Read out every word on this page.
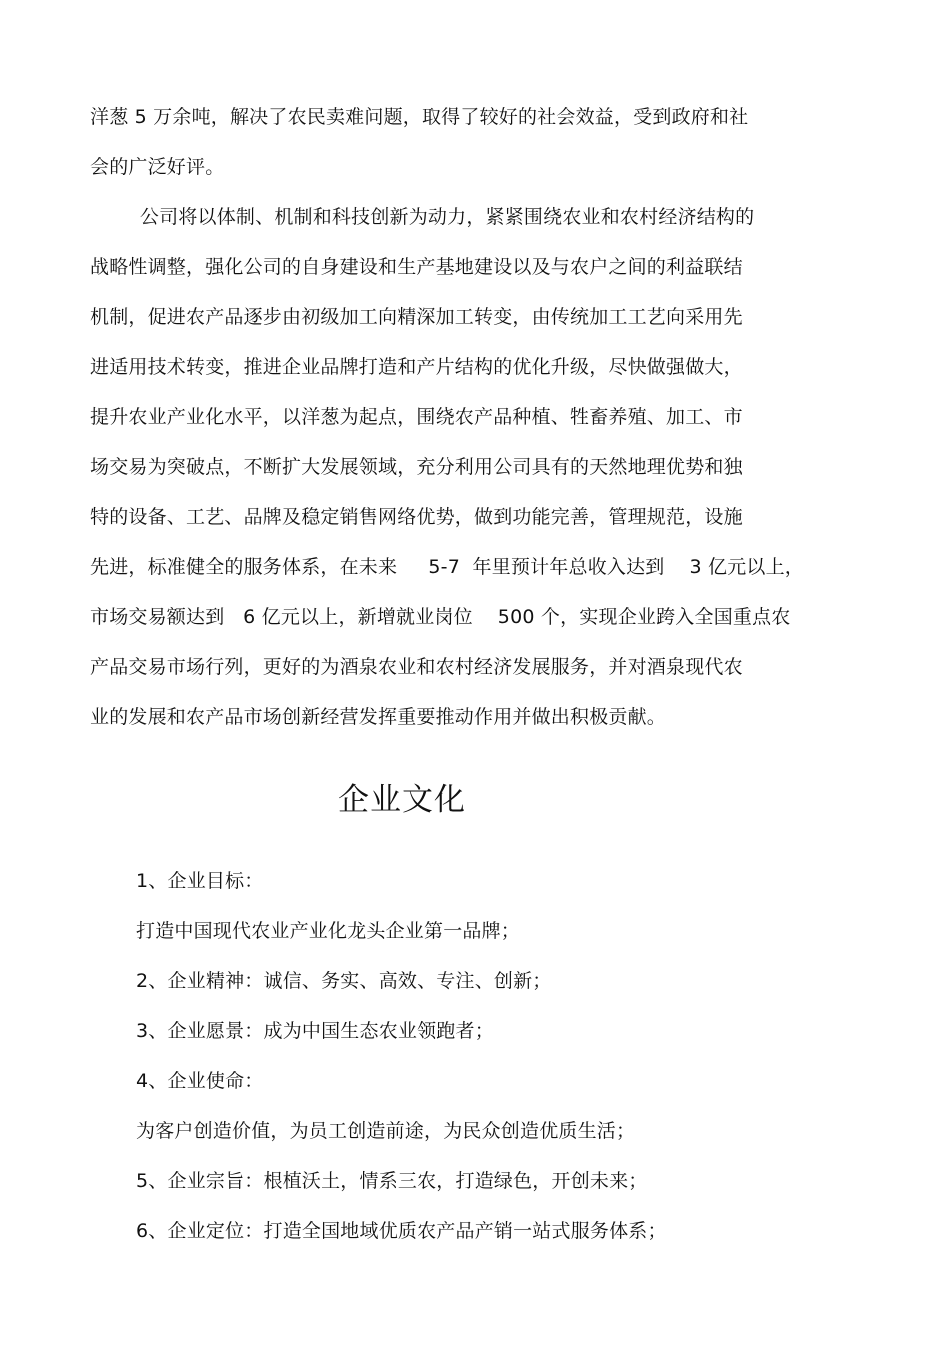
洋葱 5 万余吨，解决了农民卖难问题，取得了较好的社会效益，受到政府和社
会的广泛好评。
公司将以体制、机制和科技创新为动力，紧紧围绕农业和农村经济结构的
战略性调整，强化公司的自身建设和生产基地建设以及与农户之间的利益联结
机制，促进农产品逐步由初级加工向精深加工转变，由传统加工工艺向采用先
进适用技术转变，推进企业品牌打造和产片结构的优化升级，尽快做强做大，
提升农业产业化水平，以洋葱为起点，围绕农产品种植、牲畜养殖、加工、市
场交易为突破点，不断扩大发展领域，充分利用公司具有的天然地理优势和独
特的设备、工艺、品牌及稳定销售网络优势，做到功能完善，管理规范，设施
先进，标准健全的服务体系，在未来     5-7  年里预计年总收入达到    3 亿元以上，
市场交易额达到   6 亿元以上，新增就业岗位    500 个，实现企业跨入全国重点农
产品交易市场行列，更好的为酒泉农业和农村经济发展服务，并对酒泉现代农
业的发展和农产品市场创新经营发挥重要推动作用并做出积极贡献。
企业文化
1、企业目标：
打造中国现代农业产业化龙头企业第一品牌；
2、企业精神：诚信、务实、高效、专注、创新；
3、企业愿景：成为中国生态农业领跑者；
4、企业使命：
为客户创造价值，为员工创造前途，为民众创造优质生活；
5、企业宗旨：根植沃土，情系三农，打造绿色，开创未来；
6、企业定位：打造全国地域优质农产品产销一站式服务体系；
